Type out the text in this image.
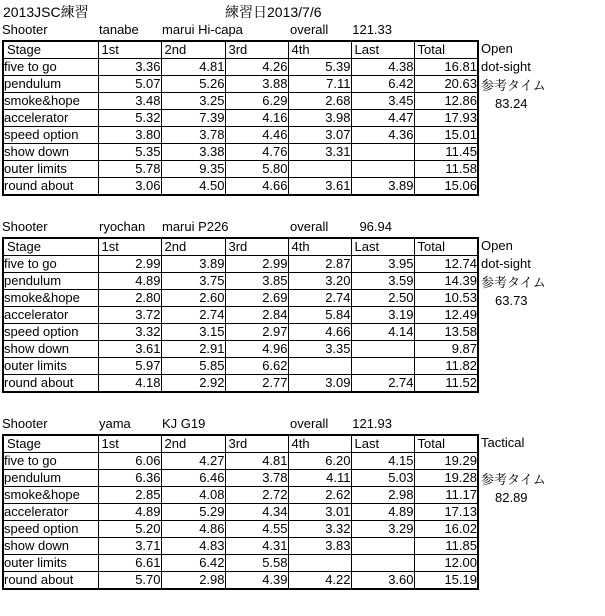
2013JSC練習	練習日2013/7/6
Shooter	tanabe marui Hi-capa	overall	121.33
Stage	1st	2nd	3rd	4th	Last	Total
five to go	3.36	4.81	4.26	5.39	4.38	16.81
pendulum	5.07	5.26	3.88	7.11	6.42	20.63
smoke&hope	3.48	3.25	6.29	2.68	3.45	12.86
accelerator	5.32	7.39	4.16	3.98	4.47	17.93
speed option	3.80	3.78	4.46	3.07	4.36	15.01
show down	5.35	3.38	4.76	3.31		11.45
outer limits	5.78	9.35	5.80			11.58
round about	3.06	4.50	4.66	3.61	3.89	15.06
Open
dot-sight
参考タイム
83.24
Shooter	ryochan marui P226	overall	96.94
Stage	1st	2nd	3rd	4th	Last	Total
five to go	2.99	3.89	2.99	2.87	3.95	12.74
pendulum	4.89	3.75	3.85	3.20	3.59	14.39
smoke&hope	2.80	2.60	2.69	2.74	2.50	10.53
accelerator	3.72	2.74	2.84	5.84	3.19	12.49
speed option	3.32	3.15	2.97	4.66	4.14	13.58
show down	3.61	2.91	4.96	3.35		9.87
outer limits	5.97	5.85	6.62			11.82
round about	4.18	2.92	2.77	3.09	2.74	11.52
Open
dot-sight
参考タイム
63.73
Shooter	yama KJ G19	overall	121.93
Stage	1st	2nd	3rd	4th	Last	Total
five to go	6.06	4.27	4.81	6.20	4.15	19.29
pendulum	6.36	6.46	3.78	4.11	5.03	19.28
smoke&hope	2.85	4.08	2.72	2.62	2.98	11.17
accelerator	4.89	5.29	4.34	3.01	4.89	17.13
speed option	5.20	4.86	4.55	3.32	3.29	16.02
show down	3.71	4.83	4.31	3.83		11.85
outer limits	6.61	6.42	5.58			12.00
round about	5.70	2.98	4.39	4.22	3.60	15.19
Tactical
参考タイム
82.89
